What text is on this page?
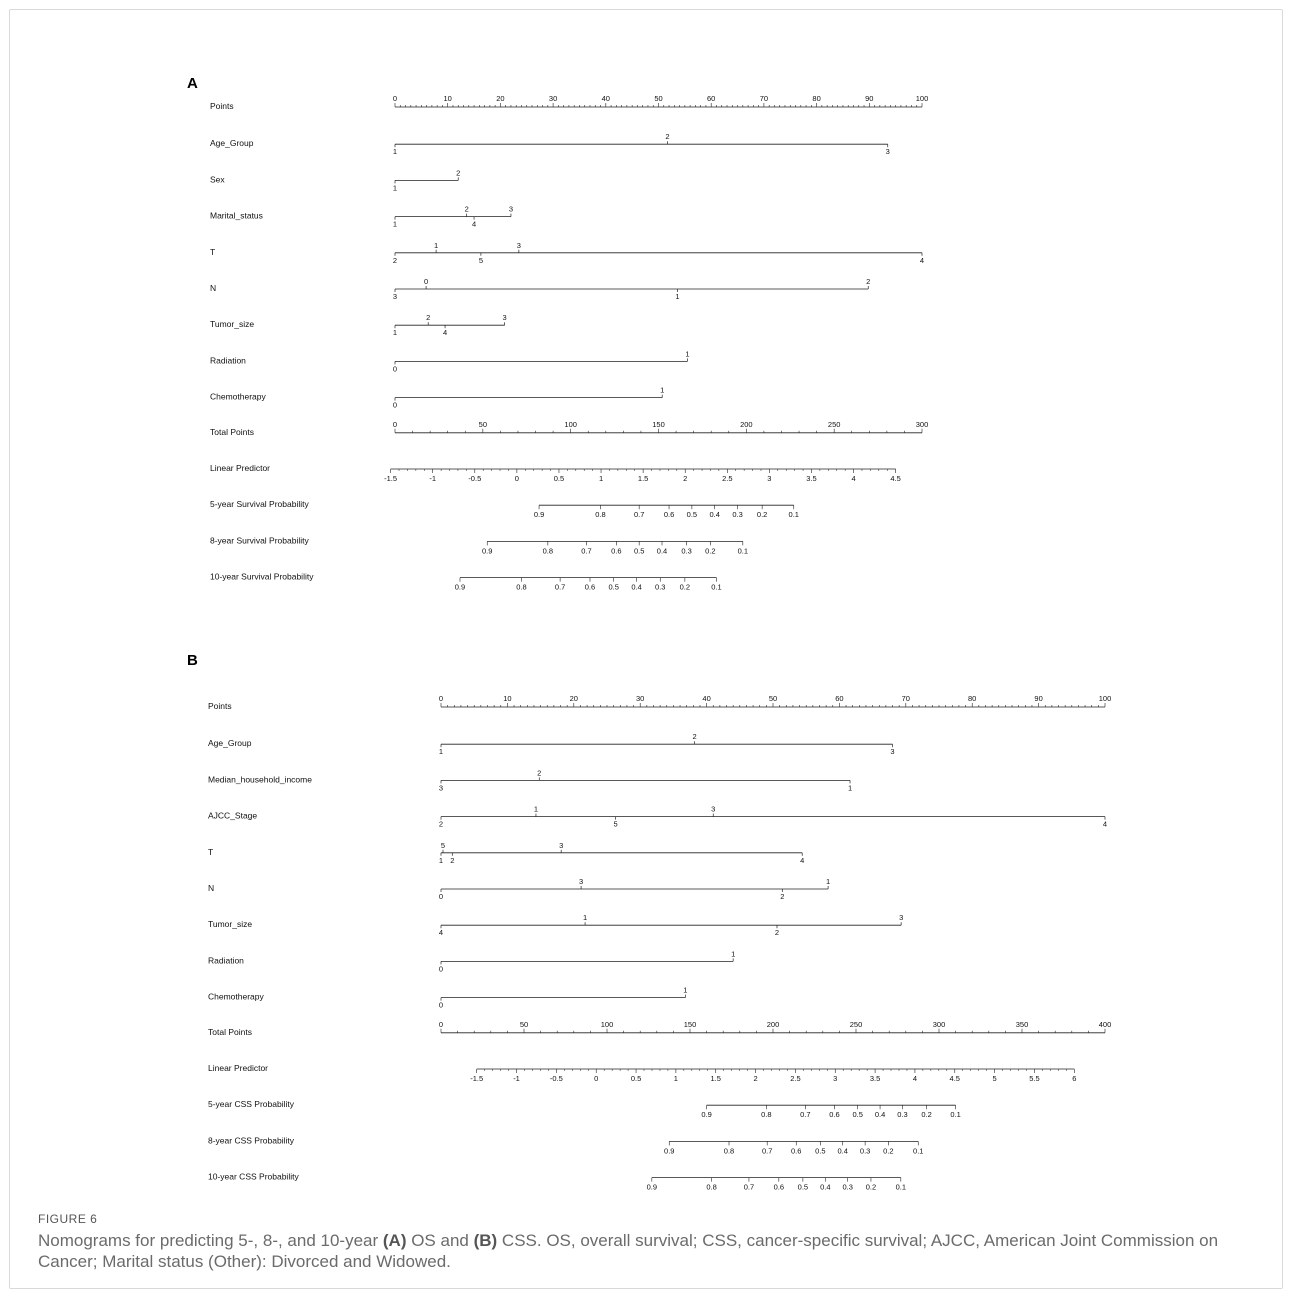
A
B
Points
0	10	20	30	40	50	60	70	80	90	100
Age_Group
1
2
3
Sex
1
2
Marital_status
1
2
4
3
T
2
1
5
3
4
N
3
0
1
2
Tumor_size
1
2
4
3
Radiation
0
1
Chemotherapy
0
1
Total Points
0	50	100	150	200	250	300
Linear Predictor
-1.5	-1	-0.5	0	0.5	1	1.5	2	2.5	3	3.5	4	4.5
5-year Survival Probability
0.9	0.8	0.7	0.6 0.5 0.4 0.3 0.2	0.1
8-year Survival Probability
0.9	0.8	0.7	0.6 0.5 0.4 0.3 0.2	0.1
10-year Survival Probability
0.9	0.8	0.7	0.6 0.5 0.4 0.3 0.2	0.1
Points
0	10	20	30	40	50	60	70	80	90	100
Age_Group
1
2
3
Median_household_income
3
2
1
AJCC_Stage
2
1
5
3
4
T
1
5
2
3
4
N
0
3
2
1
Tumor_size
4
1
2
3
Radiation
0
1
Chemotherapy
0
1
Total Points
0	50	100	150	200	250	300	350	400
Linear Predictor
-1.5	-1	-0.5	0	0.5	1	1.5	2	2.5	3	3.5	4	4.5	5	5.5	6
5-year CSS Probability
0.9	0.8	0.7 0.6 0.5 0.4 0.3 0.2 0.1
8-year CSS Probability
0.9	0.8	0.7 0.6 0.5 0.4 0.3 0.2	0.1
10-year CSS Probability
0.9	0.8	0.7	0.6 0.5 0.4 0.3 0.2	0.1
FIGURE 6
Nomograms for predicting 5-, 8-, and 10-year (A) OS and (B) CSS. OS, overall survival; CSS, cancer-specific survival; AJCC, American Joint Commission on Cancer; Marital status (Other): Divorced and Widowed.
